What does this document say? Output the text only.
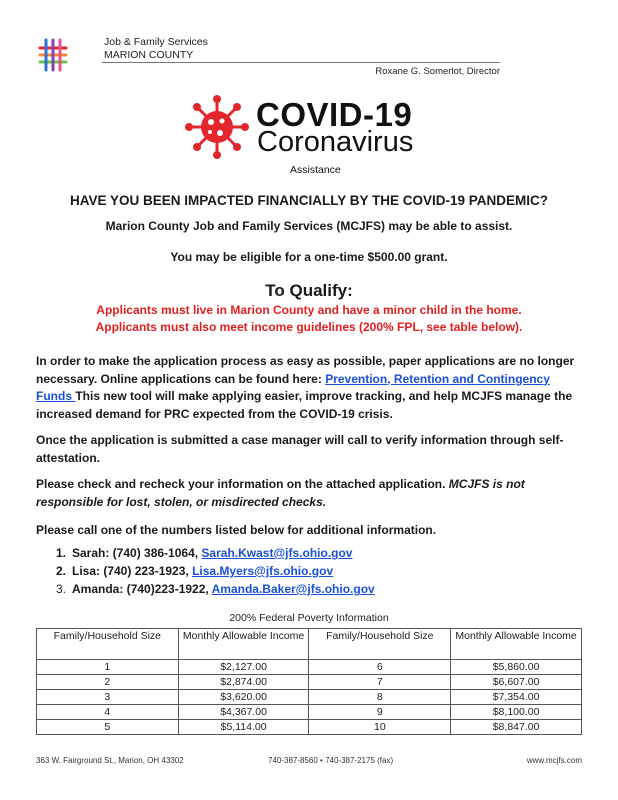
Job & Family Services
MARION COUNTY
Roxane G. Somerlot, Director
COVID-19
Coronavirus
Assistance
HAVE YOU BEEN IMPACTED FINANCIALLY BY THE COVID-19 PANDEMIC?
Marion County Job and Family Services (MCJFS) may be able to assist.
You may be eligible for a one-time $500.00 grant.
To Qualify:
Applicants must live in Marion County and have a minor child in the home.
Applicants must also meet income guidelines (200% FPL, see table below).
In order to make the application process as easy as possible, paper applications are no longer necessary. Online applications can be found here: Prevention, Retention and Contingency Funds This new tool will make applying easier, improve tracking, and help MCJFS manage the increased demand for PRC expected from the COVID-19 crisis.
Once the application is submitted a case manager will call to verify information through self-attestation.
Please check and recheck your information on the attached application. MCJFS is not responsible for lost, stolen, or misdirected checks.
Please call one of the numbers listed below for additional information.
1. Sarah: (740) 386-1064, Sarah.Kwast@jfs.ohio.gov
2. Lisa: (740) 223-1923, Lisa.Myers@jfs.ohio.gov
3. Amanda: (740)223-1922, Amanda.Baker@jfs.ohio.gov
200% Federal Poverty Information
Family/Household Size	Monthly Allowable Income	Family/Household Size	Monthly Allowable Income
1	$2,127.00	6	$5,860.00
2	$2,874.00	7	$6,607.00
3	$3,620.00	8	$7,354.00
4	$4,367.00	9	$8,100.00
5	$5,114.00	10	$8,847.00
363 W. Fairground St., Marion, OH 43302	740-387-8560 • 740-387-2175 (fax)	www.mcjfs.com
